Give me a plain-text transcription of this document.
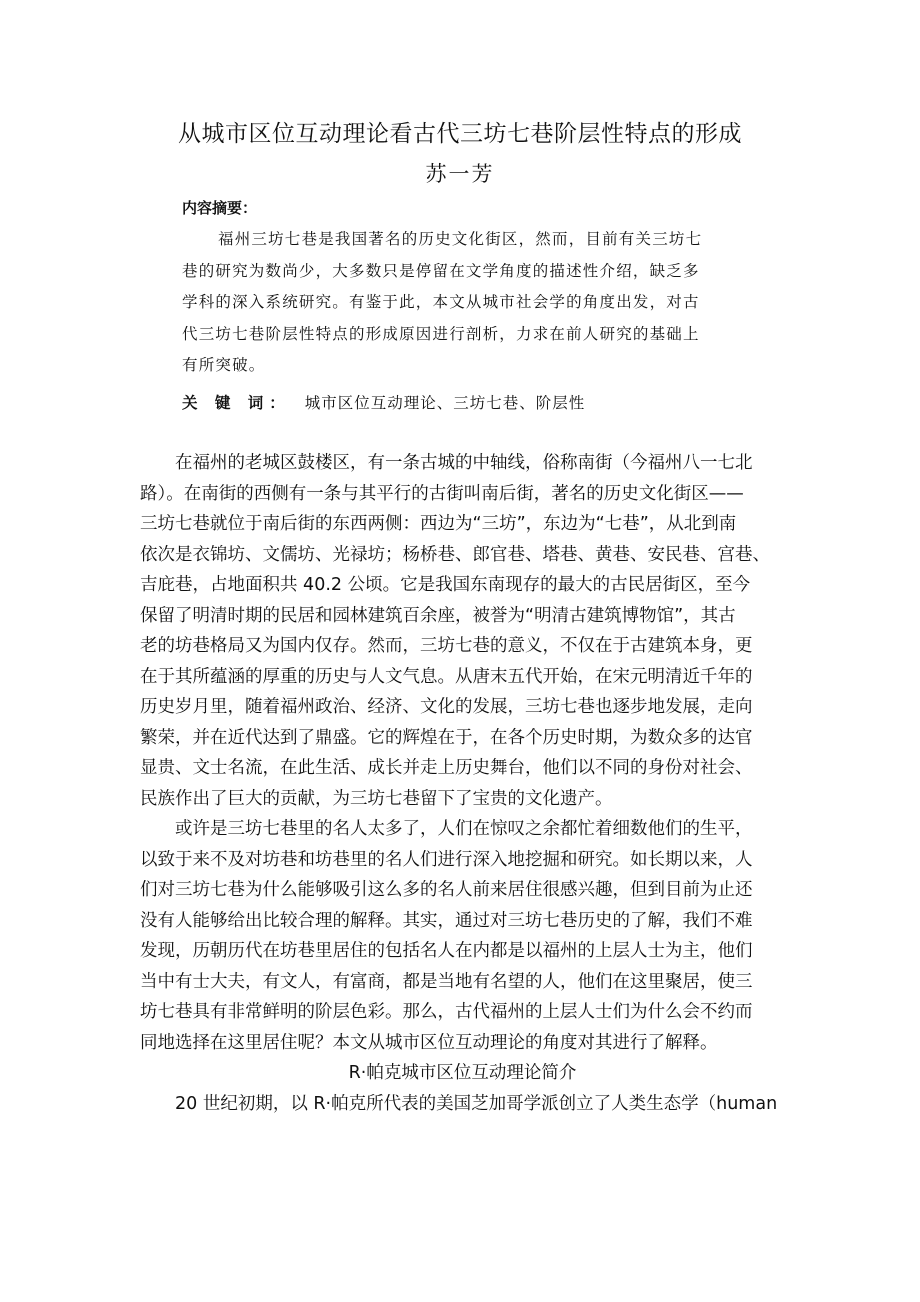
从城市区位互动理论看古代三坊七巷阶层性特点的形成
苏一芳
内容摘要：
福州三坊七巷是我国著名的历史文化街区，然而，目前有关三坊七
巷的研究为数尚少，大多数只是停留在文学角度的描述性介绍，缺乏多
学科的深入系统研究。有鉴于此，本文从城市社会学的角度出发，对古
代三坊七巷阶层性特点的形成原因进行剖析，力求在前人研究的基础上
有所突破。
关 键 词： 城市区位互动理论、三坊七巷、阶层性
在福州的老城区鼓楼区，有一条古城的中轴线，俗称南街（今福州八一七北
路）。在南街的西侧有一条与其平行的古街叫南后街，著名的历史文化街区——
三坊七巷就位于南后街的东西两侧：西边为“三坊”，东边为“七巷”，从北到南
依次是衣锦坊、文儒坊、光禄坊；杨桥巷、郎官巷、塔巷、黄巷、安民巷、宫巷、
吉庇巷，占地面积共 40.2 公顷。它是我国东南现存的最大的古民居街区，至今
保留了明清时期的民居和园林建筑百余座，被誉为“明清古建筑博物馆”，其古
老的坊巷格局又为国内仅存。然而，三坊七巷的意义，不仅在于古建筑本身，更
在于其所蕴涵的厚重的历史与人文气息。从唐末五代开始，在宋元明清近千年的
历史岁月里，随着福州政治、经济、文化的发展，三坊七巷也逐步地发展，走向
繁荣，并在近代达到了鼎盛。它的辉煌在于，在各个历史时期，为数众多的达官
显贵、文士名流，在此生活、成长并走上历史舞台，他们以不同的身份对社会、
民族作出了巨大的贡献，为三坊七巷留下了宝贵的文化遗产。
或许是三坊七巷里的名人太多了，人们在惊叹之余都忙着细数他们的生平，
以致于来不及对坊巷和坊巷里的名人们进行深入地挖掘和研究。如长期以来，人
们对三坊七巷为什么能够吸引这么多的名人前来居住很感兴趣，但到目前为止还
没有人能够给出比较合理的解释。其实，通过对三坊七巷历史的了解，我们不难
发现，历朝历代在坊巷里居住的包括名人在内都是以福州的上层人士为主，他们
当中有士大夫，有文人，有富商，都是当地有名望的人，他们在这里聚居，使三
坊七巷具有非常鲜明的阶层色彩。那么，古代福州的上层人士们为什么会不约而
同地选择在这里居住呢？本文从城市区位互动理论的角度对其进行了解释。
R·帕克城市区位互动理论简介
20 世纪初期，以 R·帕克所代表的美国芝加哥学派创立了人类生态学（human
